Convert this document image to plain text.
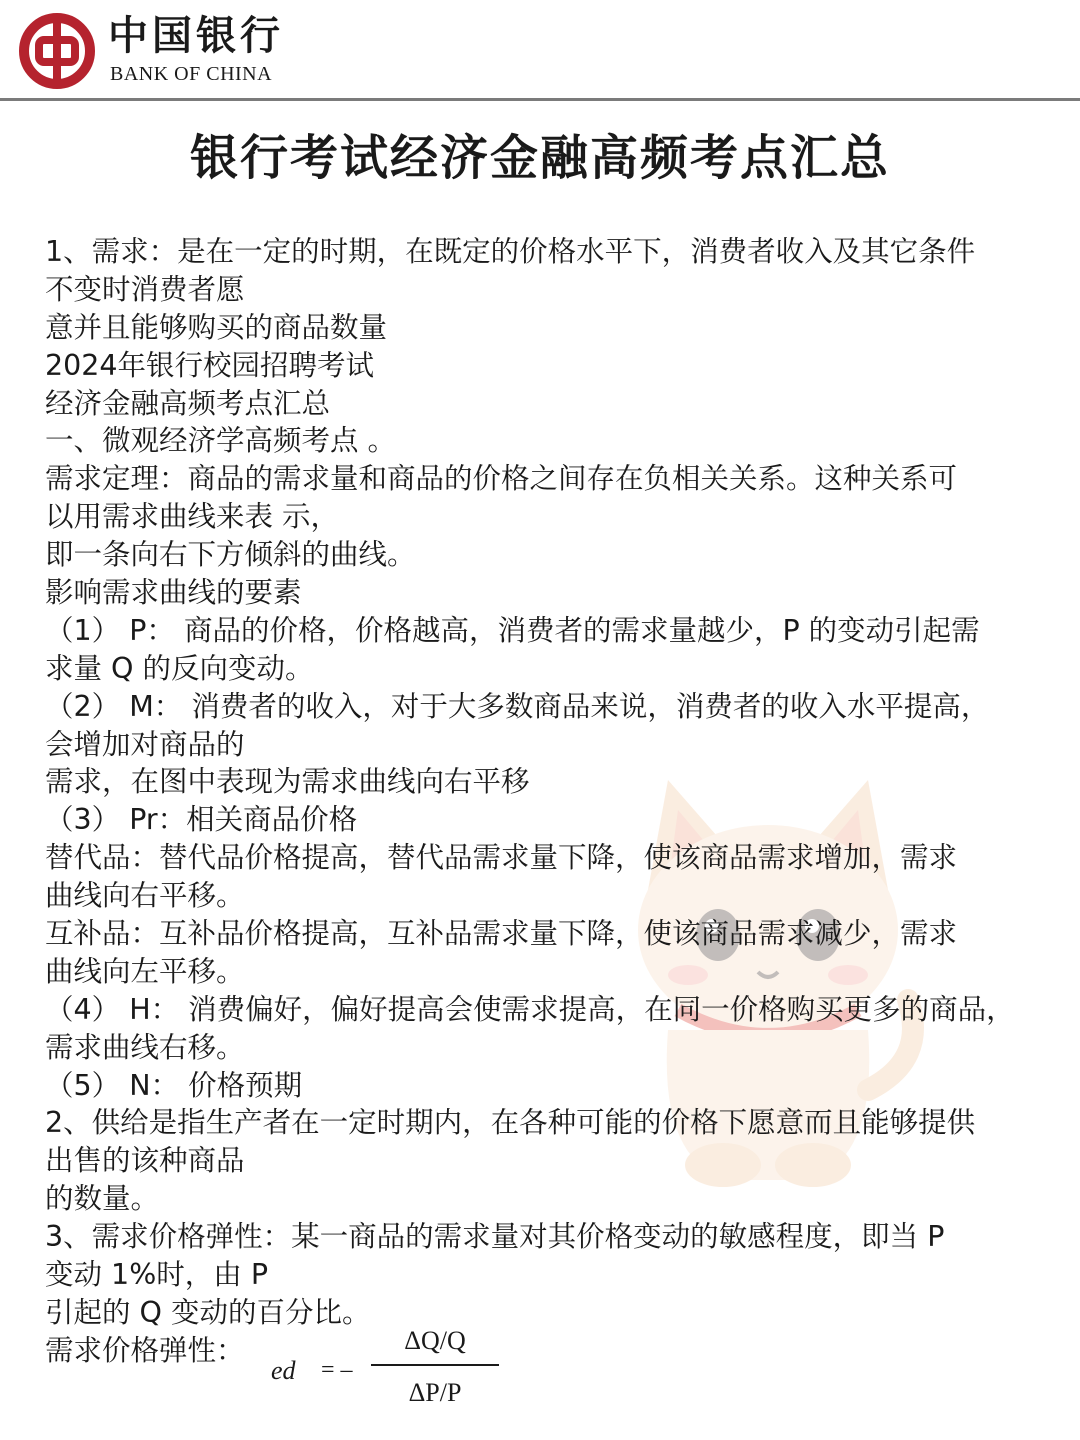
中国银行
BANK OF CHINA
银行考试经济金融高频考点汇总
1、需求：是在一定的时期，在既定的价格水平下，消费者收入及其它条件
不变时消费者愿
意并且能够购买的商品数量
2024年银行校园招聘考试
经济金融高频考点汇总
一、微观经济学高频考点 。
需求定理：商品的需求量和商品的价格之间存在负相关关系。这种关系可
以用需求曲线来表 示，
即一条向右下方倾斜的曲线。
影响需求曲线的要素
（1） P： 商品的价格，价格越高，消费者的需求量越少，P 的变动引起需
求量 Q 的反向变动。
（2） M： 消费者的收入，对于大多数商品来说，消费者的收入水平提高，
会增加对商品的
需求，在图中表现为需求曲线向右平移
（3） Pr：相关商品价格
替代品：替代品价格提高，替代品需求量下降，使该商品需求增加，需求
曲线向右平移。
互补品：互补品价格提高，互补品需求量下降，使该商品需求减少，需求
曲线向左平移。
（4） H： 消费偏好，偏好提高会使需求提高，在同一价格购买更多的商品，
需求曲线右移。
（5） N： 价格预期
2、供给是指生产者在一定时期内，在各种可能的价格下愿意而且能够提供
出售的该种商品
的数量。
3、需求价格弹性：某一商品的需求量对其价格变动的敏感程度，即当 P
变动 1%时，由 P
引起的 Q 变动的百分比。
需求价格弹性：
ed = –
ΔQ/Q
ΔP/P
